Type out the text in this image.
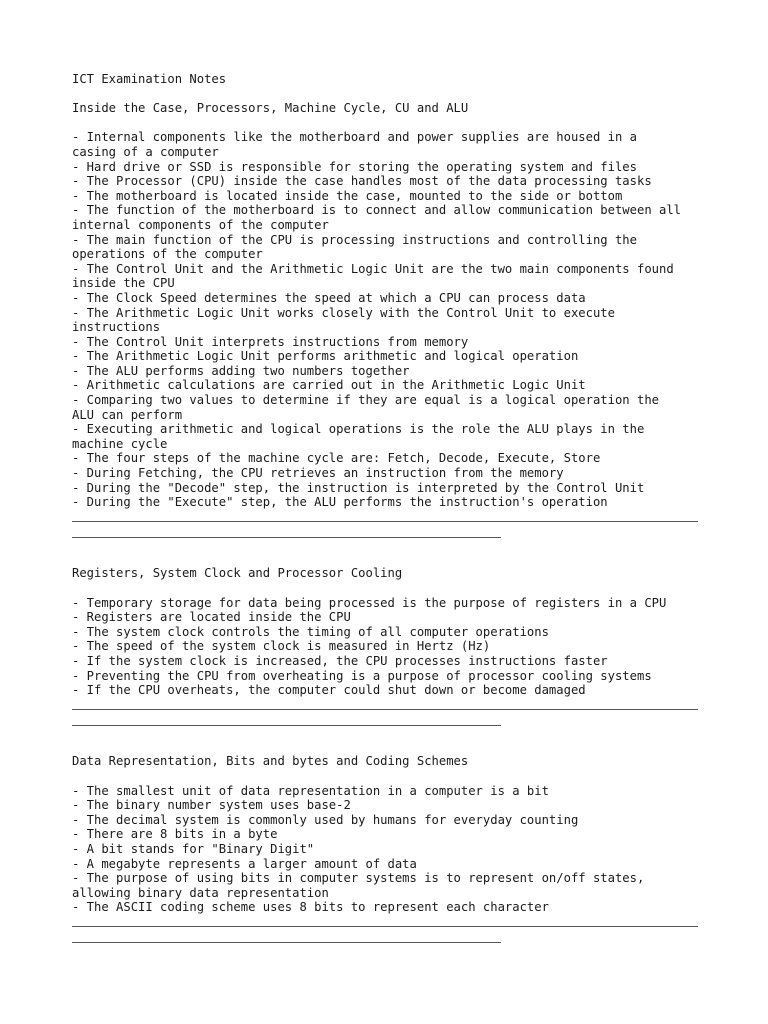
ICT Examination Notes
Inside the Case, Processors, Machine Cycle, CU and ALU
- Internal components like the motherboard and power supplies are housed in a
casing of a computer
- Hard drive or SSD is responsible for storing the operating system and files
- The Processor (CPU) inside the case handles most of the data processing tasks
- The motherboard is located inside the case, mounted to the side or bottom
- The function of the motherboard is to connect and allow communication between all
internal components of the computer
- The main function of the CPU is processing instructions and controlling the
operations of the computer
- The Control Unit and the Arithmetic Logic Unit are the two main components found
inside the CPU
- The Clock Speed determines the speed at which a CPU can process data
- The Arithmetic Logic Unit works closely with the Control Unit to execute
instructions
- The Control Unit interprets instructions from memory
- The Arithmetic Logic Unit performs arithmetic and logical operation
- The ALU performs adding two numbers together
- Arithmetic calculations are carried out in the Arithmetic Logic Unit
- Comparing two values to determine if they are equal is a logical operation the
ALU can perform
- Executing arithmetic and logical operations is the role the ALU plays in the
machine cycle
- The four steps of the machine cycle are: Fetch, Decode, Execute, Store
- During Fetching, the CPU retrieves an instruction from the memory
- During the "Decode" step, the instruction is interpreted by the Control Unit
- During the "Execute" step, the ALU performs the instruction's operation
Registers, System Clock and Processor Cooling
- Temporary storage for data being processed is the purpose of registers in a CPU
- Registers are located inside the CPU
- The system clock controls the timing of all computer operations
- The speed of the system clock is measured in Hertz (Hz)
- If the system clock is increased, the CPU processes instructions faster
- Preventing the CPU from overheating is a purpose of processor cooling systems
- If the CPU overheats, the computer could shut down or become damaged
Data Representation, Bits and bytes and Coding Schemes
- The smallest unit of data representation in a computer is a bit
- The binary number system uses base-2
- The decimal system is commonly used by humans for everyday counting
- There are 8 bits in a byte
- A bit stands for "Binary Digit"
- A megabyte represents a larger amount of data
- The purpose of using bits in computer systems is to represent on/off states,
allowing binary data representation
- The ASCII coding scheme uses 8 bits to represent each character
